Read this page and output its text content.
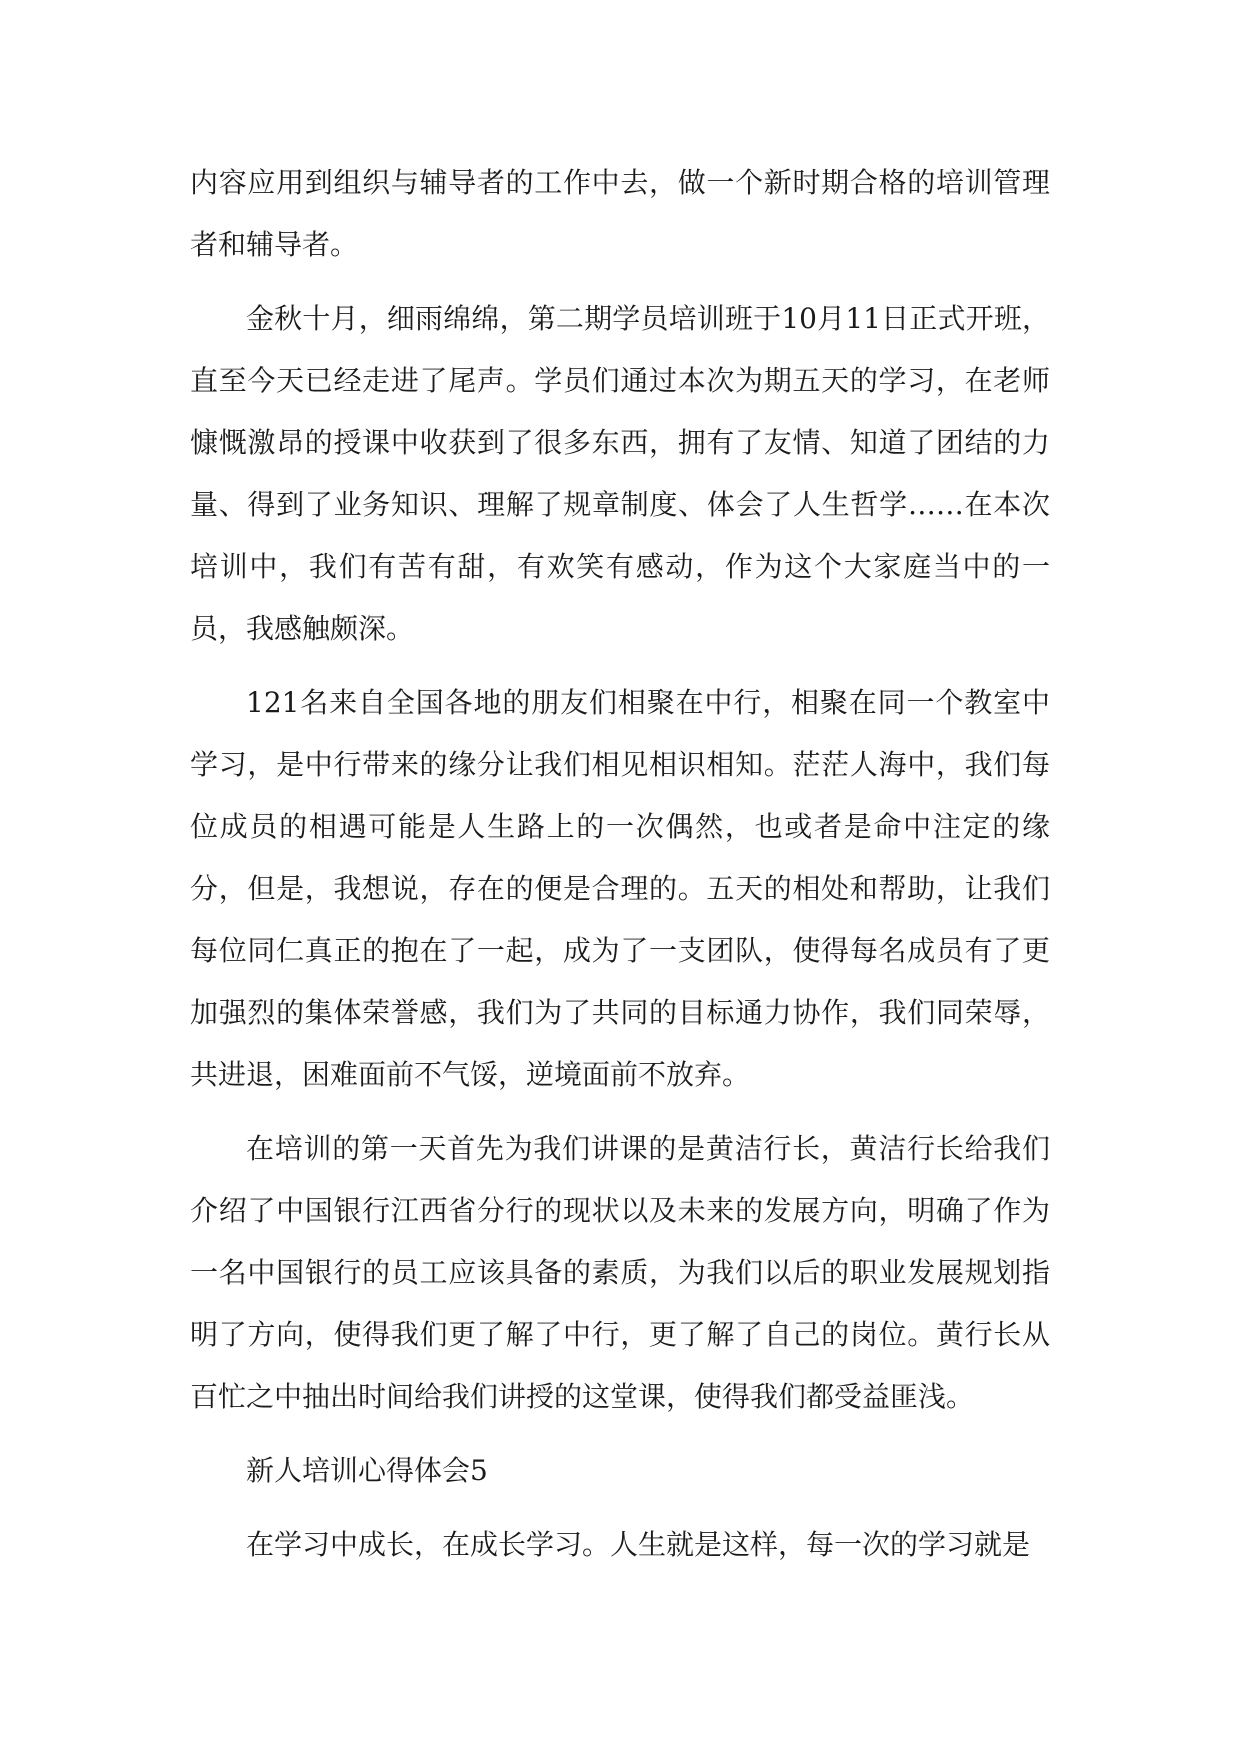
内容应用到组织与辅导者的工作中去，做一个新时期合格的培训管理者和辅导者。

金秋十月，细雨绵绵，第二期学员培训班于10月11日正式开班，直至今天已经走进了尾声。学员们通过本次为期五天的学习，在老师慷慨激昂的授课中收获到了很多东西，拥有了友情、知道了团结的力量、得到了业务知识、理解了规章制度、体会了人生哲学……在本次培训中，我们有苦有甜，有欢笑有感动，作为这个大家庭当中的一员，我感触颇深。

121名来自全国各地的朋友们相聚在中行，相聚在同一个教室中学习，是中行带来的缘分让我们相见相识相知。茫茫人海中，我们每位成员的相遇可能是人生路上的一次偶然，也或者是命中注定的缘分，但是，我想说，存在的便是合理的。五天的相处和帮助，让我们每位同仁真正的抱在了一起，成为了一支团队，使得每名成员有了更加强烈的集体荣誉感，我们为了共同的目标通力协作，我们同荣辱，共进退，困难面前不气馁，逆境面前不放弃。

在培训的第一天首先为我们讲课的是黄洁行长，黄洁行长给我们介绍了中国银行江西省分行的现状以及未来的发展方向，明确了作为一名中国银行的员工应该具备的素质，为我们以后的职业发展规划指明了方向，使得我们更了解了中行，更了解了自己的岗位。黄行长从百忙之中抽出时间给我们讲授的这堂课，使得我们都受益匪浅。

新人培训心得体会5

在学习中成长，在成长学习。人生就是这样，每一次的学习就是
